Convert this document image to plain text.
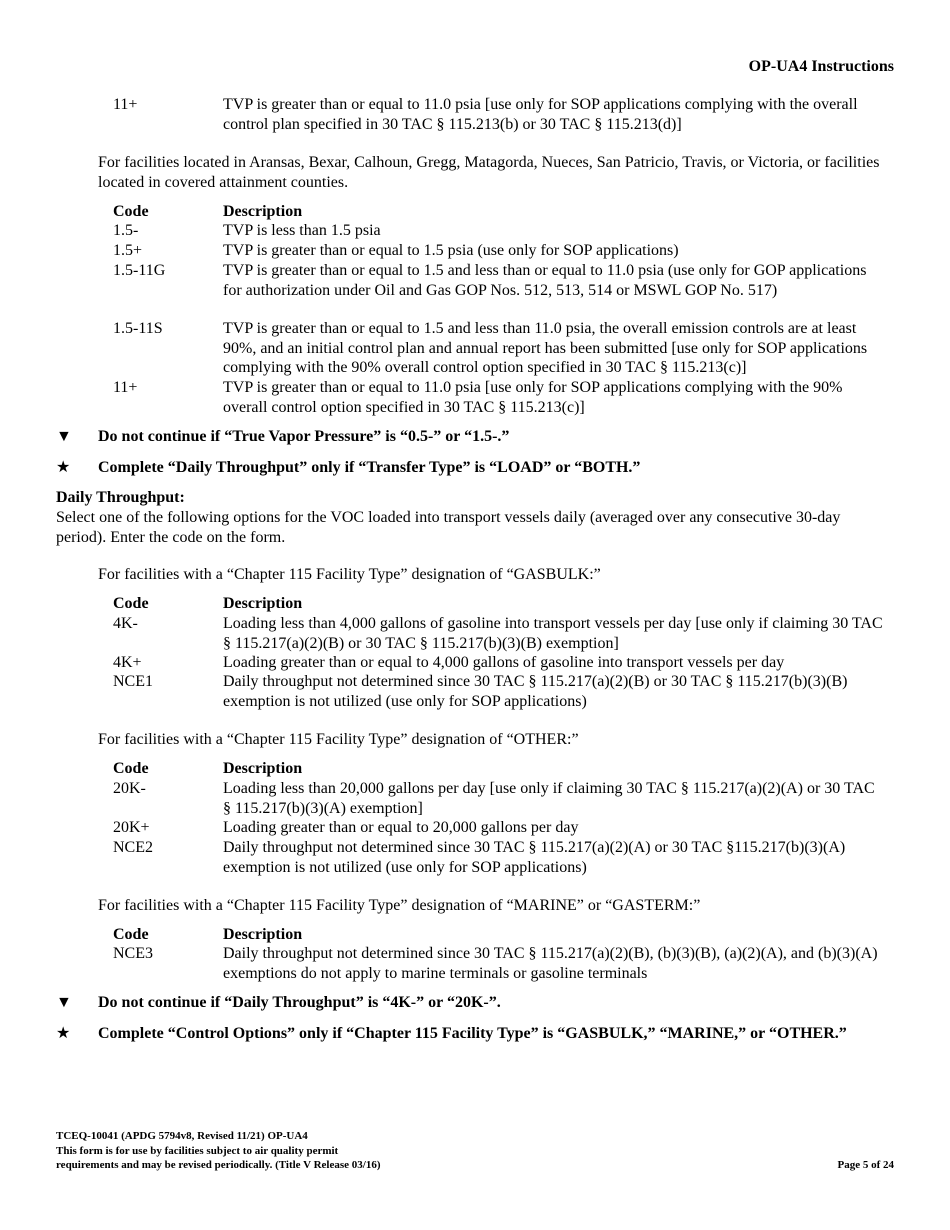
OP-UA4 Instructions
11+	TVP is greater than or equal to 11.0 psia [use only for SOP applications complying with the overall control plan specified in 30 TAC § 115.213(b) or 30 TAC § 115.213(d)]
For facilities located in Aransas, Bexar, Calhoun, Gregg, Matagorda, Nueces, San Patricio, Travis, or Victoria, or facilities located in covered attainment counties.
Code	Description
1.5-	TVP is less than 1.5 psia
1.5+	TVP is greater than or equal to 1.5 psia (use only for SOP applications)
1.5-11G	TVP is greater than or equal to 1.5 and less than or equal to 11.0 psia (use only for GOP applications for authorization under Oil and Gas GOP Nos. 512, 513, 514 or MSWL GOP No. 517)
1.5-11S	TVP is greater than or equal to 1.5 and less than 11.0 psia, the overall emission controls are at least 90%, and an initial control plan and annual report has been submitted [use only for SOP applications complying with the 90% overall control option specified in 30 TAC § 115.213(c)]
11+	TVP is greater than or equal to 11.0 psia [use only for SOP applications complying with the 90% overall control option specified in 30 TAC § 115.213(c)]
▼ Do not continue if “True Vapor Pressure” is “0.5-” or “1.5-.”
★	Complete “Daily Throughput” only if “Transfer Type” is “LOAD” or “BOTH.”
Daily Throughput:
Select one of the following options for the VOC loaded into transport vessels daily (averaged over any consecutive 30-day period). Enter the code on the form.
For facilities with a “Chapter 115 Facility Type” designation of “GASBULK:”
Code	Description
4K-	Loading less than 4,000 gallons of gasoline into transport vessels per day [use only if claiming 30 TAC § 115.217(a)(2)(B) or 30 TAC § 115.217(b)(3)(B) exemption]
4K+	Loading greater than or equal to 4,000 gallons of gasoline into transport vessels per day
NCE1	Daily throughput not determined since 30 TAC § 115.217(a)(2)(B) or 30 TAC § 115.217(b)(3)(B) exemption is not utilized (use only for SOP applications)
For facilities with a “Chapter 115 Facility Type” designation of “OTHER:”
Code	Description
20K-	Loading less than 20,000 gallons per day [use only if claiming 30 TAC § 115.217(a)(2)(A) or 30 TAC § 115.217(b)(3)(A) exemption]
20K+	Loading greater than or equal to 20,000 gallons per day
NCE2	Daily throughput not determined since 30 TAC § 115.217(a)(2)(A) or 30 TAC §115.217(b)(3)(A) exemption is not utilized (use only for SOP applications)
For facilities with a “Chapter 115 Facility Type” designation of “MARINE” or “GASTERM:”
Code	Description
NCE3	Daily throughput not determined since 30 TAC § 115.217(a)(2)(B), (b)(3)(B), (a)(2)(A), and (b)(3)(A) exemptions do not apply to marine terminals or gasoline terminals
▼ Do not continue if “Daily Throughput” is “4K-” or “20K-”.
★	Complete “Control Options” only if “Chapter 115 Facility Type” is “GASBULK,” “MARINE,” or “OTHER.”
TCEQ-10041 (APDG 5794v8, Revised 11/21) OP-UA4
This form is for use by facilities subject to air quality permit
requirements and may be revised periodically. (Title V Release 03/16)	Page 5 of 24
